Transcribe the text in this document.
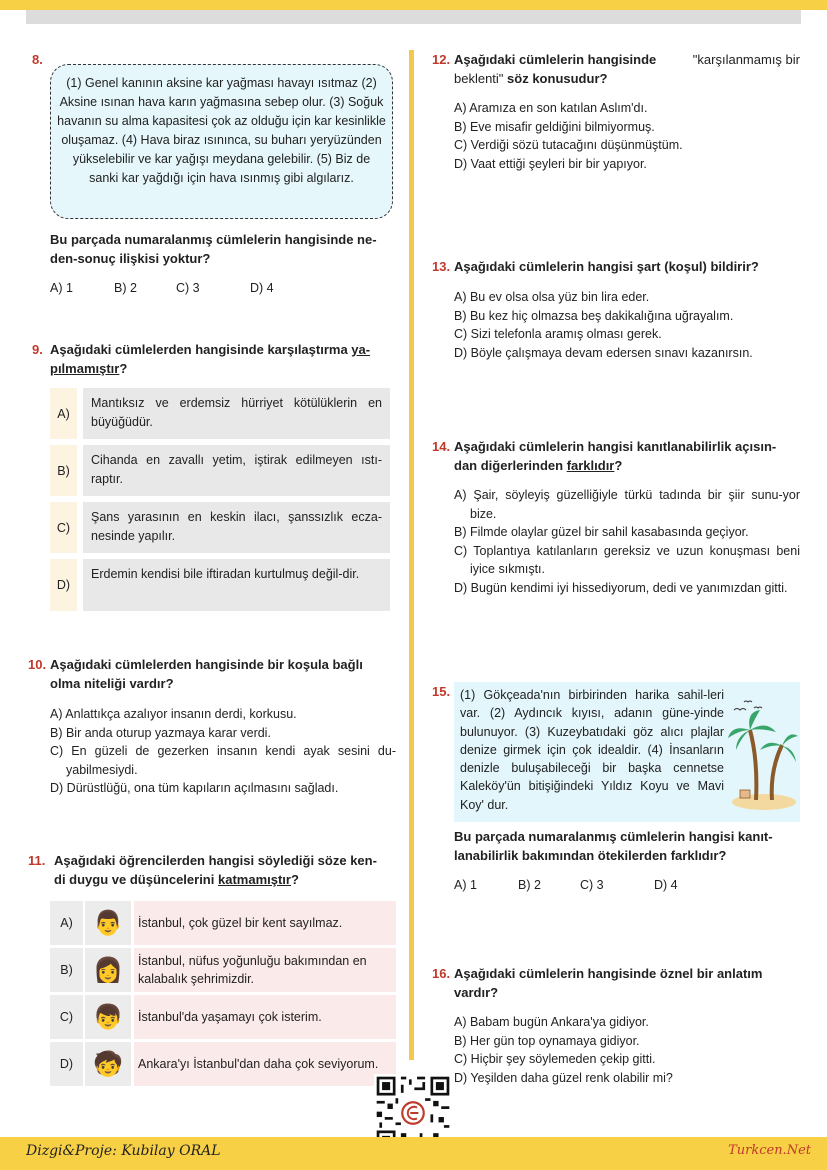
8.
(1) Genel kanının aksine kar yağması havayı ısıtmaz (2) Aksine ısınan hava karın yağmasına sebep olur. (3) Soğuk havanın su alma kapasitesi çok az olduğu için kar kesinlikle oluşamaz. (4) Hava biraz ısınınca, su buharı yeryüzünden yükselebilir ve kar yağışı meydana gelebilir. (5) Biz de sanki kar yağdığı için hava ısınmış gibi algılarız.
Bu parçada numaralanmış cümlelerin hangisinde ne-
den-sonuç ilişkisi yoktur?
A) 1	B) 2	C) 3	D) 4
9. Aşağıdaki cümlelerden hangisinde karşılaştırma ya-
pılmamıştır?
A)
Mantıksız ve erdemsiz hürriyet kötülüklerin en büyüğüdür.
B)
Cihanda en zavallı yetim, iştirak edilmeyen ıstı-raptır.
C)
Şans yarasının en keskin ilacı, şanssızlık ecza-nesinde yapılır.
D)
Erdemin kendisi bile iftiradan kurtulmuş değil-dir.
10. Aşağıdaki cümlelerden hangisinde bir koşula bağlı
olma niteliği vardır?
A) Anlattıkça azalıyor insanın derdi, korkusu.
B) Bir anda oturup yazmaya karar verdi.
C) En güzeli de gezerken insanın kendi ayak sesini du-yabilmesiydi.
D) Dürüstlüğü, ona tüm kapıların açılmasını sağladı.
11. Aşağıdaki öğrencilerden hangisi söylediği söze ken-
di duygu ve düşüncelerini katmamıştır?
A) 👨	İstanbul, çok güzel bir kent sayılmaz.
B) 👩	İstanbul, nüfus yoğunluğu bakımından en kalabalık şehrimizdir.
C) 👦	İstanbul'da yaşamayı çok isterim.
D) 🧒	Ankara'yı İstanbul'dan daha çok seviyorum.
12. Aşağıdaki cümlelerin hangisinde	"karşılanmamış bir
beklenti" söz konusudur?
A) Aramıza en son katılan Aslım'dı.
B) Eve misafir geldiğini bilmiyormuş.
C) Verdiği sözü tutacağını düşünmüştüm.
D) Vaat ettiği şeyleri bir bir yapıyor.
13. Aşağıdaki cümlelerin hangisi şart (koşul) bildirir?
A) Bu ev olsa olsa yüz bin lira eder.
B) Bu kez hiç olmazsa beş dakikalığına uğrayalım.
C) Sizi telefonla aramış olması gerek.
D) Böyle çalışmaya devam edersen sınavı kazanırsın.
14. Aşağıdaki cümlelerin hangisi kanıtlanabilirlik açısın-
dan diğerlerinden farklıdır?
A) Şair, söyleyiş güzelliğiyle türkü tadında bir şiir sunu-yor bize.
B) Filmde olaylar güzel bir sahil kasabasında geçiyor.
C) Toplantıya katılanların gereksiz ve uzun konuşması beni iyice sıkmıştı.
D) Bugün kendimi iyi hissediyorum, dedi ve yanımızdan gitti.
15. (1) Gökçeada'nın birbirinden harika sahil-leri var. (2) Aydıncık kıyısı, adanın güne-yinde bulunuyor. (3) Kuzeybatıdaki göz alıcı plajlar denize girmek için çok idealdir. (4) İnsanların denizle buluşabileceği bir başka cennetse Kaleköy'ün bitişiğindeki Yıldız Koyu ve Mavi Koy' dur.
Bu parçada numaralanmış cümlelerin hangisi kanıt-
lanabilirlik bakımından ötekilerden farklıdır?
A) 1	B) 2	C) 3	D) 4
16. Aşağıdaki cümlelerin hangisinde öznel bir anlatım
vardır?
A) Babam bugün Ankara'ya gidiyor.
B) Her gün top oynamaya gidiyor.
C) Hiçbir şey söylemeden çekip gitti.
D) Yeşilden daha güzel renk olabilir mi?
Dizgi&Proje: Kubilay ORAL	Turkcen.Net
